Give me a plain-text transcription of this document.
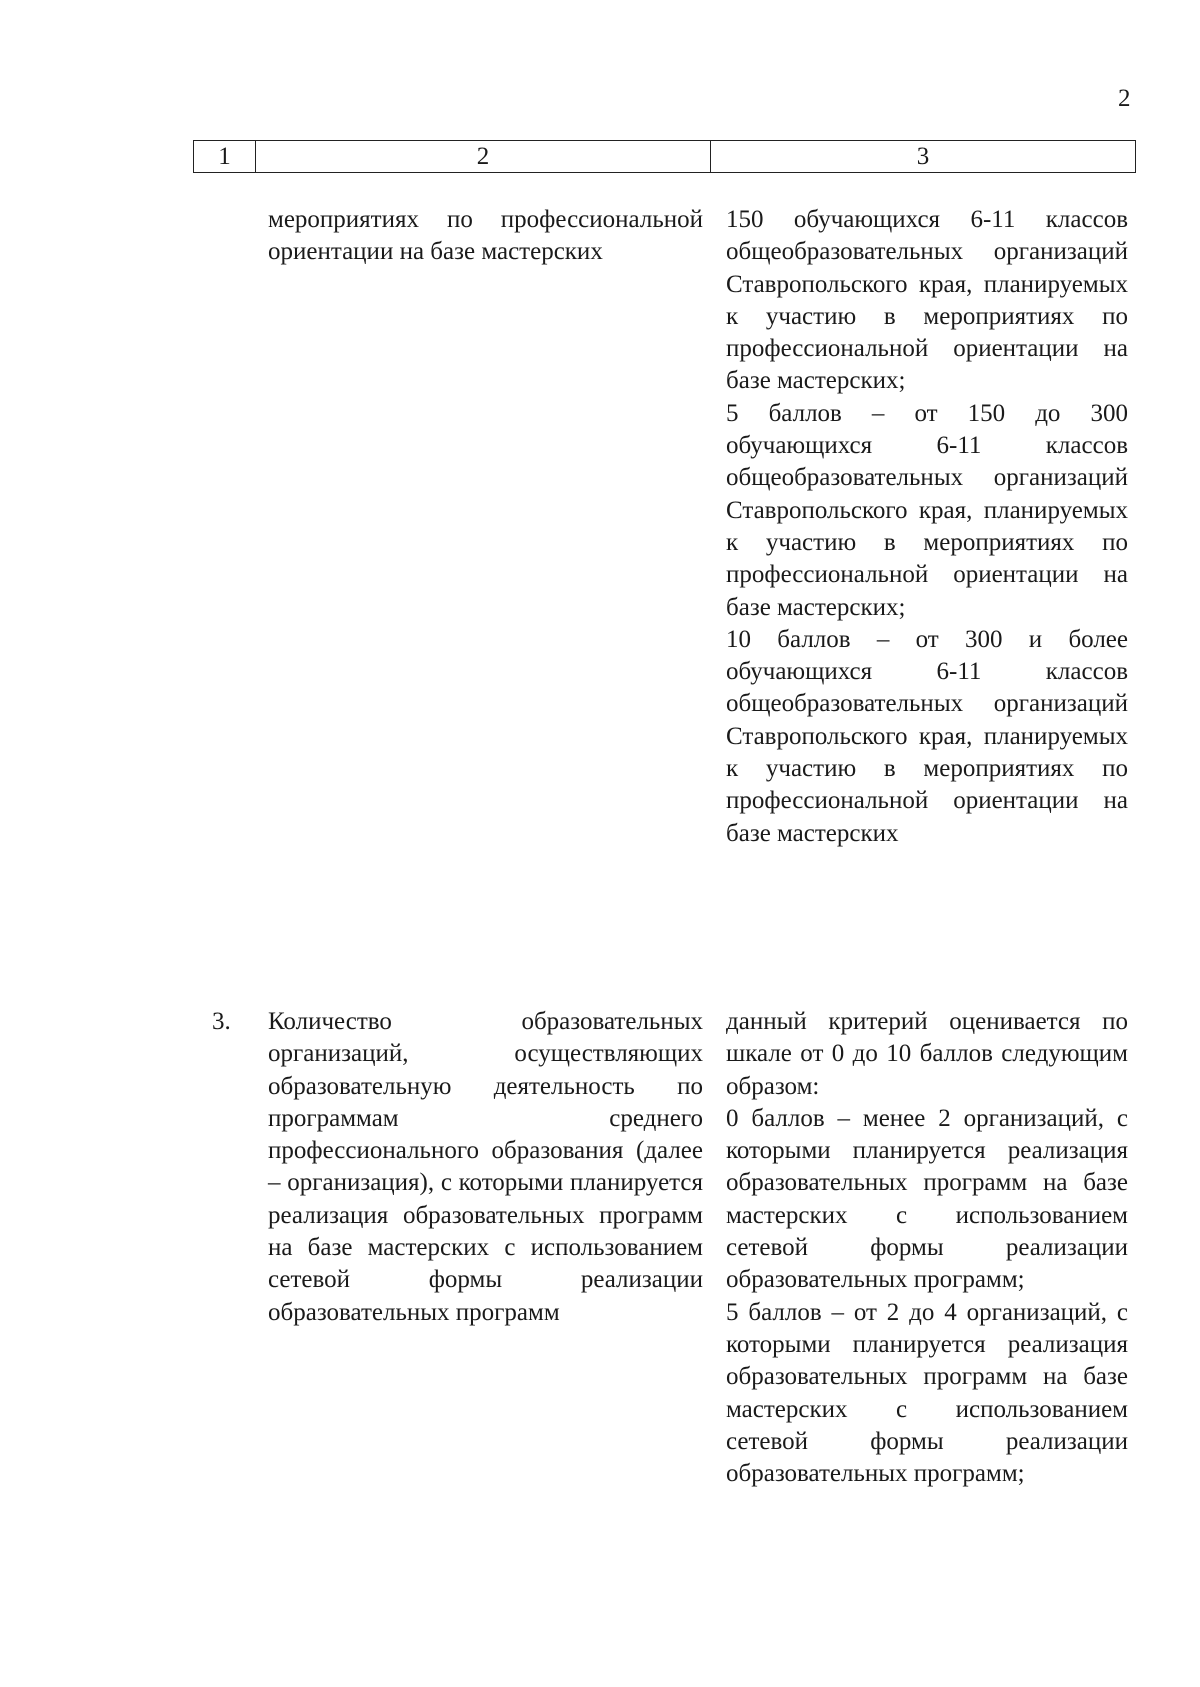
2
1	2	3

мероприятиях по профессиональной ориентации на базе мастерских

150 обучающихся 6-11 классов общеобразовательных организаций Ставропольского края, планируемых к участию в мероприятиях по профессиональной ориентации на базе мастерских;

5 баллов – от 150 до 300 обучающихся 6-11 классов общеобразовательных организаций Ставропольского края, планируемых к участию в мероприятиях по профессиональной ориентации на базе мастерских;

10 баллов – от 300 и более обучающихся 6-11 классов общеобразовательных организаций Ставропольского края, планируемых к участию в мероприятиях по профессиональной ориентации на базе мастерских

3. Количество образовательных организаций, осуществляющих образовательную деятельность по программам среднего профессионального образования (далее – организация), с которыми планируется реализация образовательных программ на базе мастерских с использованием сетевой формы реализации образовательных программ

данный критерий оценивается по шкале от 0 до 10 баллов следующим образом:

0 баллов – менее 2 организаций, с которыми планируется реализация образовательных программ на базе мастерских с использованием сетевой формы реализации образовательных программ;

5 баллов – от 2 до 4 организаций, с которыми планируется реализация образовательных программ на базе мастерских с использованием сетевой формы реализации образовательных программ;
